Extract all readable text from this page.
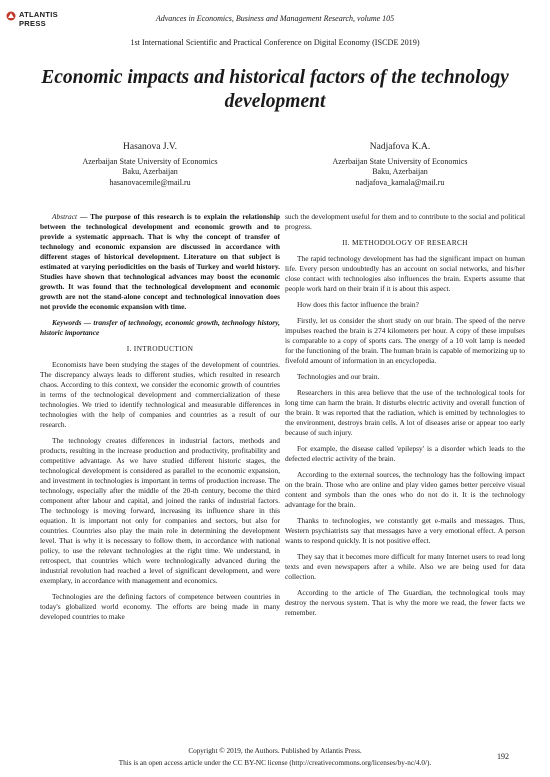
ATLANTIS
PRESS
Advances in Economics, Business and Management Research, volume 105
1st International Scientific and Practical Conference on Digital Economy (ISCDE 2019)
Economic impacts and historical factors of the technology development
Hasanova J.V.
Azerbaijan State University of Economics
Baku, Azerbaijan
hasanovacemile@mail.ru
Nadjafova K.A.
Azerbaijan State University of Economics
Baku, Azerbaijan
nadjafova_kamala@mail.ru

Abstract — The purpose of this research is to explain the relationship between the technological development and economic growth and to provide a systematic approach. That is why the concept of transfer of technology and economic expansion are discussed in accordance with different stages of historical development. Literature on that subject is estimated at varying periodicities on the basis of Turkey and world history. Studies have shown that technological advances may boost the economic growth. It was found that the technological development and economic growth are not the stand-alone concept and technological innovation does not provide the economic expansion with time.

Keywords — transfer of technology, economic growth, technology history, historic importance

I. INTRODUCTION

Economists have been studying the stages of the development of countries. The discrepancy always leads to different studies, which resulted in research chaos. According to this context, we consider the economic growth of countries in terms of the technological development and commercialization of these technologies. We tried to identify technological and measurable differences in technologies with the help of companies and countries as a result of our research.

The technology creates differences in industrial factors, methods and products, resulting in the increase production and productivity, profitability and competitive advantage. As we have studied different historic stages, the technological development is considered as parallel to the economic expansion, and investment in technologies is important in terms of production increase. The technology, especially after the middle of the 20-th century, become the third component after labour and capital, and joined the ranks of industrial factors. The technology is moving forward, increasing its influence share in this equation. It is important not only for companies and sectors, but also for countries. Countries also play the main role in determining the development level. That is why it is necessary to follow them, in accordance with national policy, to use the relevant technologies at the right time. We understand, in retrospect, that countries which were technologically advanced during the industrial revolution had reached a level of significant development, and were exemplary, in accordance with management and economics.

Technologies are the defining factors of competence between countries in today's globalized world economy. The efforts are being made in many developed countries to make

such the development useful for them and to contribute to the social and political progress.

II. METHODOLOGY OF RESEARCH

The rapid technology development has had the significant impact on human life. Every person undoubtedly has an account on social networks, and his/her close contact with technologies also influences the brain. Experts assume that people work hard on their brain if it is about this aspect.

How does this factor influence the brain?

Firstly, let us consider the short study on our brain. The speed of the nerve impulses reached the brain is 274 kilometers per hour. A copy of these impulses is comparable to a copy of sports cars. The energy of a 10 volt lamp is needed for the functioning of the brain. The human brain is capable of memorizing up to fivefold amount of information in an encyclopedia.

Technologies and our brain.

Researchers in this area believe that the use of the technological tools for long time can harm the brain. It disturbs electric activity and overall function of the brain. It was reported that the radiation, which is emitted by technologies to the environment, destroys brain cells. A lot of diseases arise or appear too early because of such injury.

For example, the disease called 'epilepsy' is a disorder which leads to the defected electric activity of the brain.

According to the external sources, the technology has the following impact on the brain. Those who are online and play video games better perceive visual content and symbols than the ones who do not do it. It is the technology advantage for the brain.

Thanks to technologies, we constantly get e-mails and messages. Thus, Western psychiatrists say that messages have a very emotional effect. A person wants to respond quickly. It is not positive effect.

They say that it becomes more difficult for many Internet users to read long texts and even newspapers after a while. Also we are being used for data collection.

According to the article of The Guardian, the technological tools may destroy the nervous system. That is why the more we read, the fewer facts we remember.

Copyright © 2019, the Authors. Published by Atlantis Press.
This is an open access article under the CC BY-NC license (http://creativecommons.org/licenses/by-nc/4.0/).
192
